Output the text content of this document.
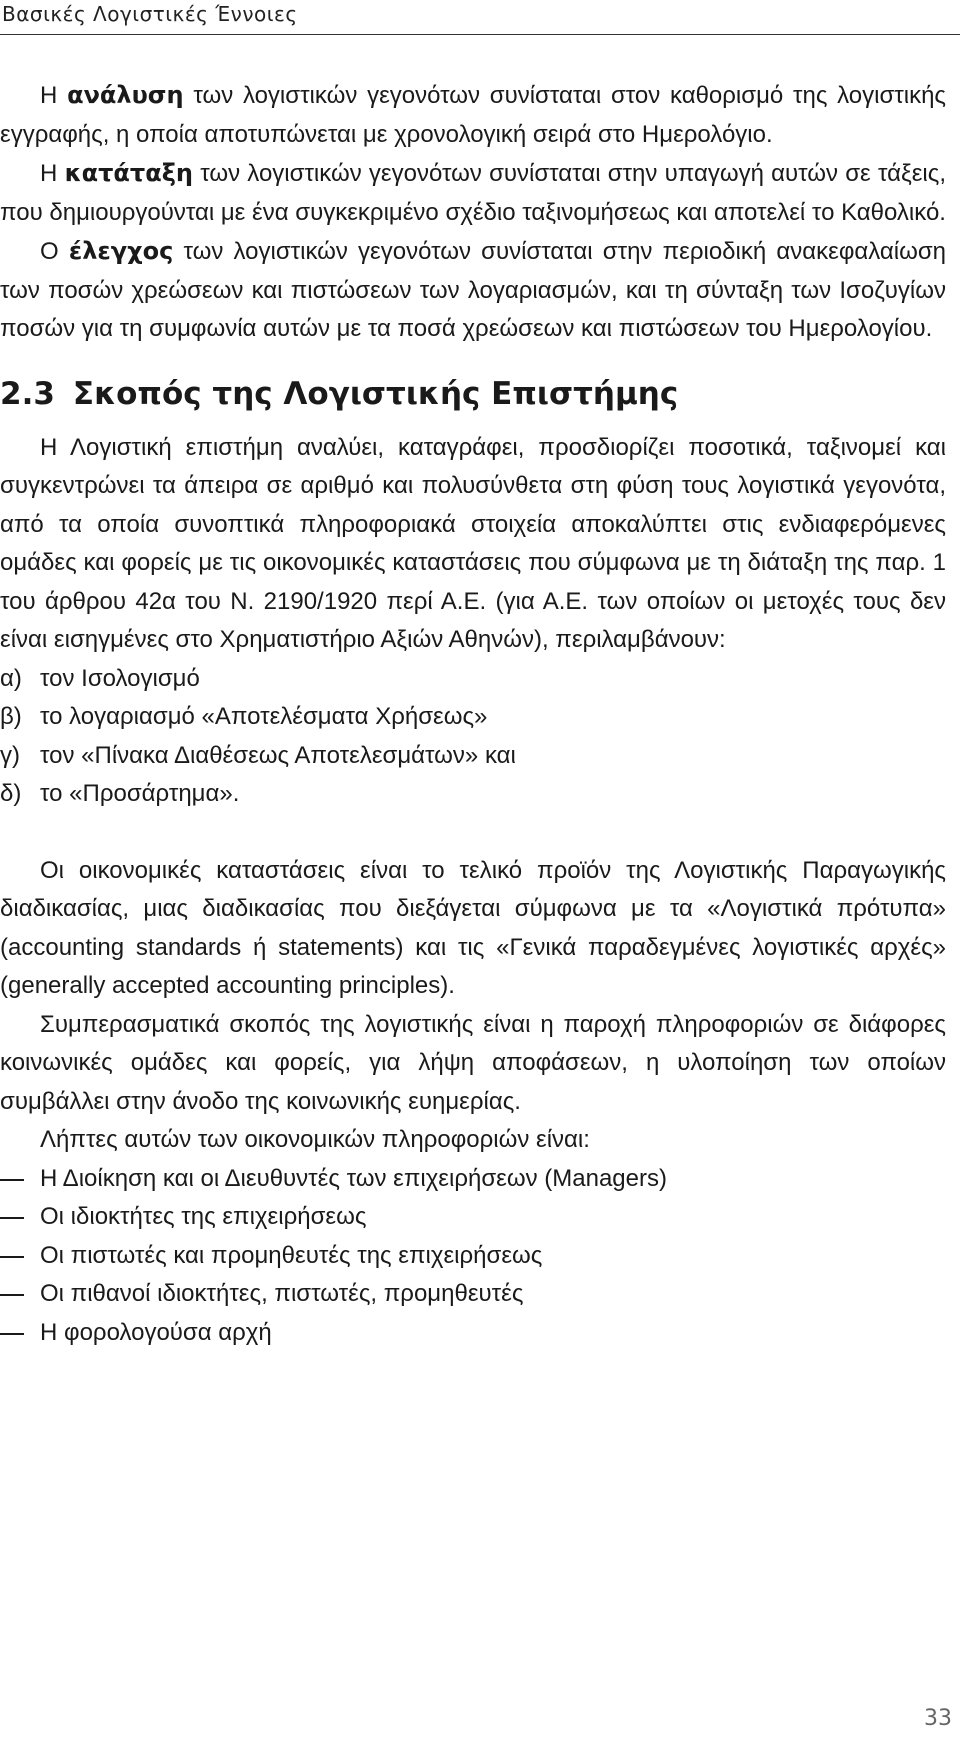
Βασικές Λογιστικές Έννοιες

Η ανάλυση των λογιστικών γεγονότων συνίσταται στον καθορισμό της λογιστικής εγγραφής, η οποία αποτυπώνεται με χρονολογική σειρά στο Ημερολόγιο.

Η κατάταξη των λογιστικών γεγονότων συνίσταται στην υπαγωγή αυτών σε τάξεις, που δημιουργούνται με ένα συγκεκριμένο σχέδιο ταξινομήσεως και αποτελεί το Καθολικό.

Ο έλεγχος των λογιστικών γεγονότων συνίσταται στην περιοδική ανακεφαλαίωση των ποσών χρεώσεων και πιστώσεων των λογαριασμών, και τη σύνταξη των Ισοζυγίων ποσών για τη συμφωνία αυτών με τα ποσά χρεώσεων και πιστώσεων του Ημερολογίου.

2.3 Σκοπός της Λογιστικής Επιστήμης

Η Λογιστική επιστήμη αναλύει, καταγράφει, προσδιορίζει ποσοτικά, ταξινομεί και συγκεντρώνει τα άπειρα σε αριθμό και πολυσύνθετα στη φύση τους λογιστικά γεγονότα, από τα οποία συνοπτικά πληροφοριακά στοιχεία αποκαλύπτει στις ενδιαφερόμενες ομάδες και φορείς με τις οικονομικές καταστάσεις που σύμφωνα με τη διάταξη της παρ. 1 του άρθρου 42α του Ν. 2190/1920 περί Α.Ε. (για Α.Ε. των οποίων οι μετοχές τους δεν είναι εισηγμένες στο Χρηματιστήριο Αξιών Αθηνών), περιλαμβάνουν:

α) τον Ισολογισμό

β) το λογαριασμό «Αποτελέσματα Χρήσεως»

γ) τον «Πίνακα Διαθέσεως Αποτελεσμάτων» και

δ) το «Προσάρτημα».

Οι οικονομικές καταστάσεις είναι το τελικό προϊόν της Λογιστικής Παραγωγικής διαδικασίας, μιας διαδικασίας που διεξάγεται σύμφωνα με τα «Λογιστικά πρότυπα» (accounting standards ή statements) και τις «Γενικά παραδεγμένες λογιστικές αρχές» (generally accepted accounting principles).

Συμπερασματικά σκοπός της λογιστικής είναι η παροχή πληροφοριών σε διάφορες κοινωνικές ομάδες και φορείς, για λήψη αποφάσεων, η υλοποίηση των οποίων συμβάλλει στην άνοδο της κοινωνικής ευημερίας.

Λήπτες αυτών των οικονομικών πληροφοριών είναι:

Η Διοίκηση και οι Διευθυντές των επιχειρήσεων (Managers)

Οι ιδιοκτήτες της επιχειρήσεως

Οι πιστωτές και προμηθευτές της επιχειρήσεως

Οι πιθανοί ιδιοκτήτες, πιστωτές, προμηθευτές

Η φορολογούσα αρχή

33
